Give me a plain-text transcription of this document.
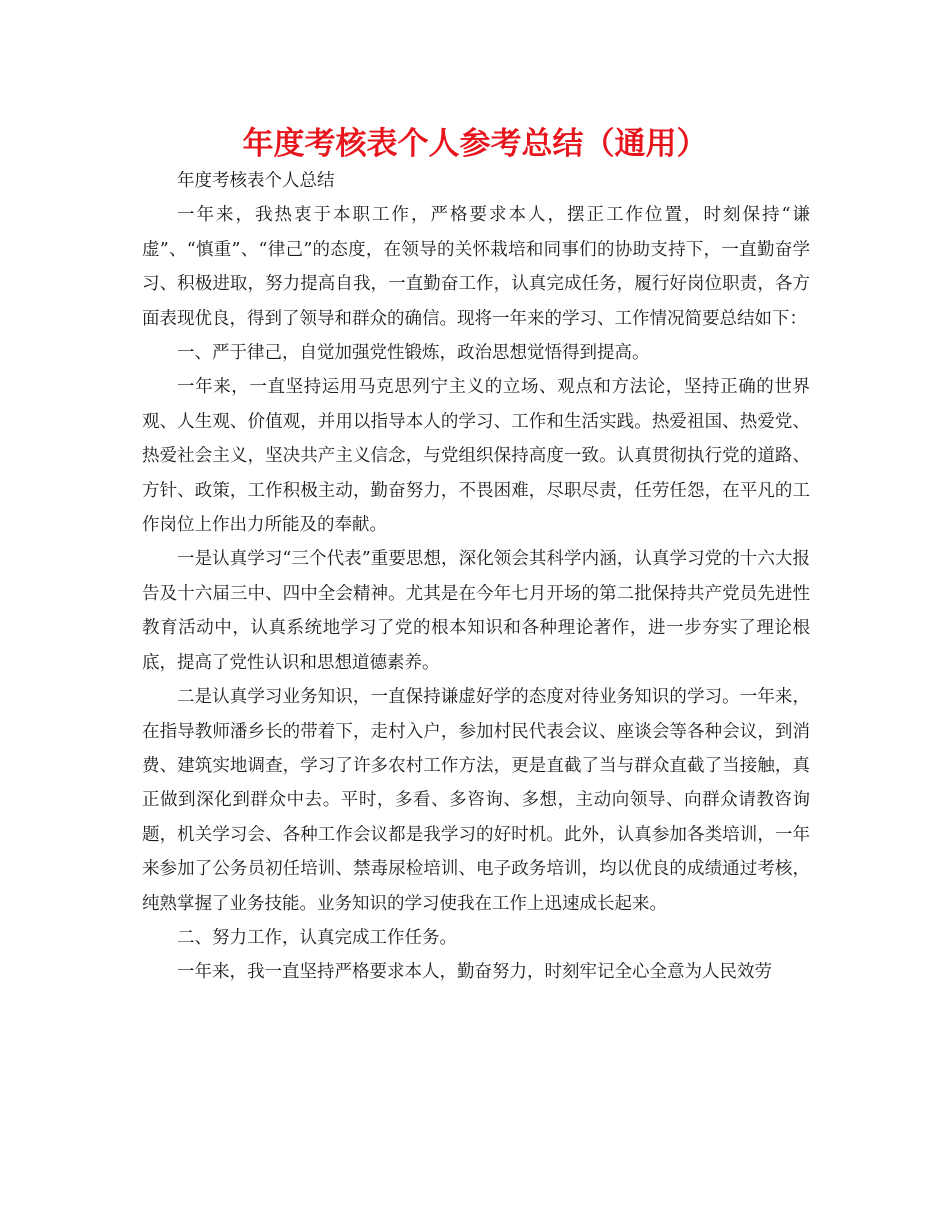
年度考核表个人参考总结（通用）

年度考核表个人总结

一年来，我热衷于本职工作，严格要求本人，摆正工作位置，时刻保持“谦虚”、“慎重”、“律己”的态度，在领导的关怀栽培和同事们的协助支持下，一直勤奋学习、积极进取，努力提高自我，一直勤奋工作，认真完成任务，履行好岗位职责，各方面表现优良，得到了领导和群众的确信。现将一年来的学习、工作情况简要总结如下：

一、严于律己，自觉加强党性锻炼，政治思想觉悟得到提高。

一年来，一直坚持运用马克思列宁主义的立场、观点和方法论，坚持正确的世界观、人生观、价值观，并用以指导本人的学习、工作和生活实践。热爱祖国、热爱党、热爱社会主义，坚决共产主义信念，与党组织保持高度一致。认真贯彻执行党的道路、方针、政策，工作积极主动，勤奋努力，不畏困难，尽职尽责，任劳任怨，在平凡的工作岗位上作出力所能及的奉献。

一是认真学习“三个代表”重要思想，深化领会其科学内涵，认真学习党的十六大报告及十六届三中、四中全会精神。尤其是在今年七月开场的第二批保持共产党员先进性教育活动中，认真系统地学习了党的根本知识和各种理论著作，进一步夯实了理论根底，提高了党性认识和思想道德素养。

二是认真学习业务知识，一直保持谦虚好学的态度对待业务知识的学习。一年来，在指导教师潘乡长的带着下，走村入户，参加村民代表会议、座谈会等各种会议，到消费、建筑实地调查，学习了许多农村工作方法，更是直截了当与群众直截了当接触，真正做到深化到群众中去。平时，多看、多咨询、多想，主动向领导、向群众请教咨询题，机关学习会、各种工作会议都是我学习的好时机。此外，认真参加各类培训，一年来参加了公务员初任培训、禁毒尿检培训、电子政务培训，均以优良的成绩通过考核，纯熟掌握了业务技能。业务知识的学习使我在工作上迅速成长起来。

二、努力工作，认真完成工作任务。

一年来，我一直坚持严格要求本人，勤奋努力，时刻牢记全心全意为人民效劳
